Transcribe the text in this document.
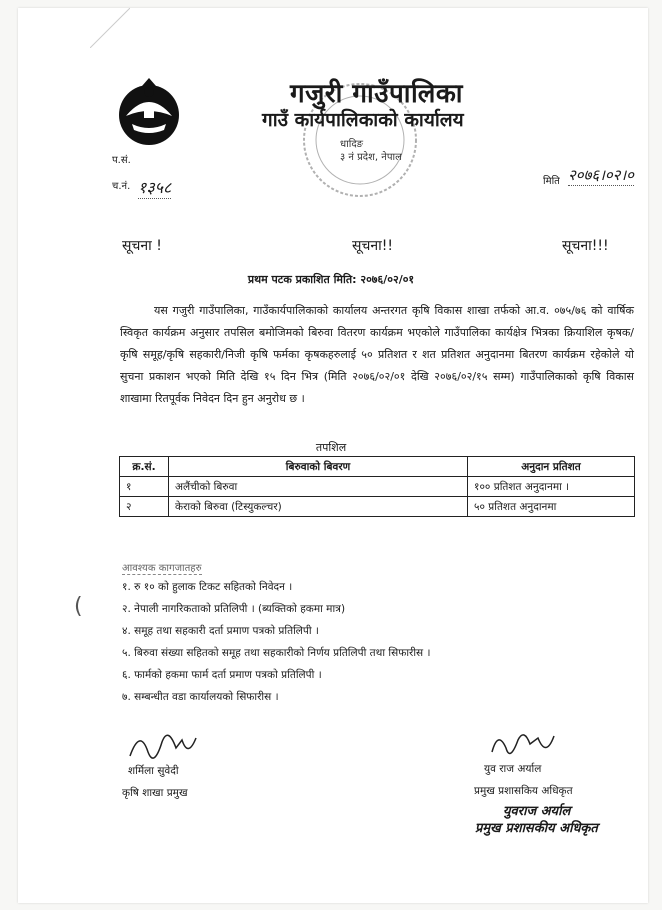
गजुरी गाउँपालिका
गाउँ कार्यपालिकाको कार्यालय
धादिङ
३ नं प्रदेश, नेपाल
प.सं.
च.नं. १३५८	मिति २०७६।०२।०
सूचना !	सूचना!!	सूचना!!!
प्रथम पटक प्रकाशित मिति: २०७६/०२/०१

यस गजुरी गाउँपालिका, गाउँकार्यपालिकाको कार्यालय अन्तरगत कृषि विकास शाखा तर्फको आ.व. ०७५/७६ को वार्षिक स्विकृत कार्यक्रम अनुसार तपसिल बमोजिमको बिरुवा वितरण कार्यक्रम भएकोले गाउँपालिका कार्यक्षेत्र भित्रका क्रियाशिल कृषक/कृषि समूह/कृषि सहकारी/निजी कृषि फर्मका कृषकहरुलाई ५० प्रतिशत र शत प्रतिशत अनुदानमा बितरण कार्यक्रम रहेकोले यो सुचना प्रकाशन भएको मिति देखि १५ दिन भित्र (मिति २०७६/०२/०१ देखि २०७६/०२/१५ सम्म) गाउँपालिकाको कृषि विकास शाखामा रितपूर्वक निवेदन दिन हुन अनुरोध छ ।

तपशिल
क्र.सं.	बिरुवाको बिवरण	अनुदान प्रतिशत
१	अलैंचीको बिरुवा	१०० प्रतिशत अनुदानमा ।
२	केराको बिरुवा (टिस्युकल्चर)	५० प्रतिशत अनुदानमा
आवश्यक कागजातहरु
१. रु १० को हुलाक टिकट सहितको निवेदन ।
२. नेपाली नागरिकताको प्रतिलिपी । (ब्यक्तिको हकमा मात्र)
४. समूह तथा सहकारी दर्ता प्रमाण पत्रको प्रतिलिपी ।
५. बिरुवा संख्या सहितको समूह तथा सहकारीको निर्णय प्रतिलिपी तथा सिफारीस ।
६. फार्मको हकमा फार्म दर्ता प्रमाण पत्रको प्रतिलिपी ।
७. सम्बन्धीत वडा कार्यालयको सिफारीस ।
(
शर्मिला सुवेदी
कृषि शाखा प्रमुख
युव राज अर्याल
प्रमुख प्रशासकिय अधिकृत
युवराज अर्याल
प्रमुख प्रशासकीय अधिकृत
